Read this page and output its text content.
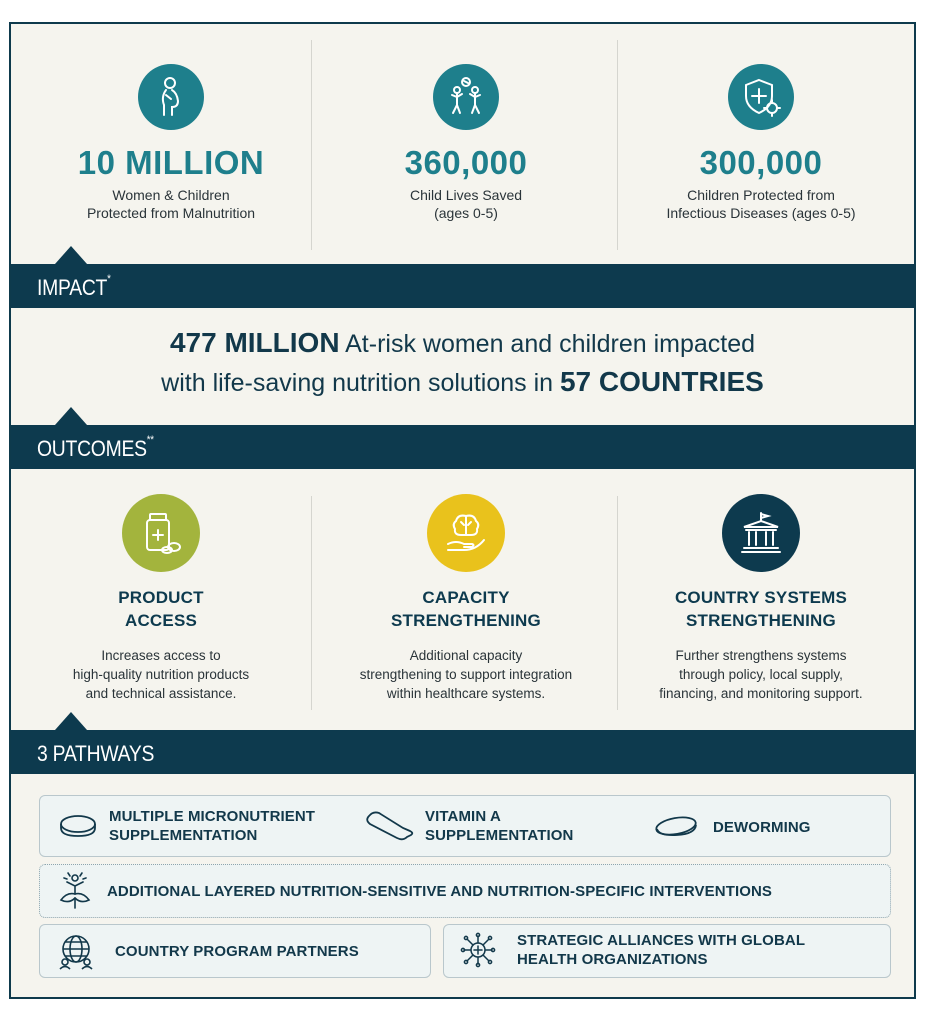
10 MILLION
Women & Children
Protected from Malnutrition
360,000
Child Lives Saved
(ages 0-5)
300,000
Children Protected from
Infectious Diseases (ages 0-5)
IMPACT*
477 MILLION At-risk women and children impacted
with life-saving nutrition solutions in 57 COUNTRIES
OUTCOMES**
PRODUCT
ACCESS
Increases access to
high-quality nutrition products
and technical assistance.
CAPACITY
STRENGTHENING
Additional capacity
strengthening to support integration
within healthcare systems.
COUNTRY SYSTEMS
STRENGTHENING
Further strengthens systems
through policy, local supply,
financing, and monitoring support.
3 PATHWAYS
MULTIPLE MICRONUTRIENT
SUPPLEMENTATION
VITAMIN A
SUPPLEMENTATION	DEWORMING
ADDITIONAL LAYERED NUTRITION-SENSITIVE AND NUTRITION-SPECIFIC INTERVENTIONS
COUNTRY PROGRAM PARTNERS
STRATEGIC ALLIANCES WITH GLOBAL
HEALTH ORGANIZATIONS
